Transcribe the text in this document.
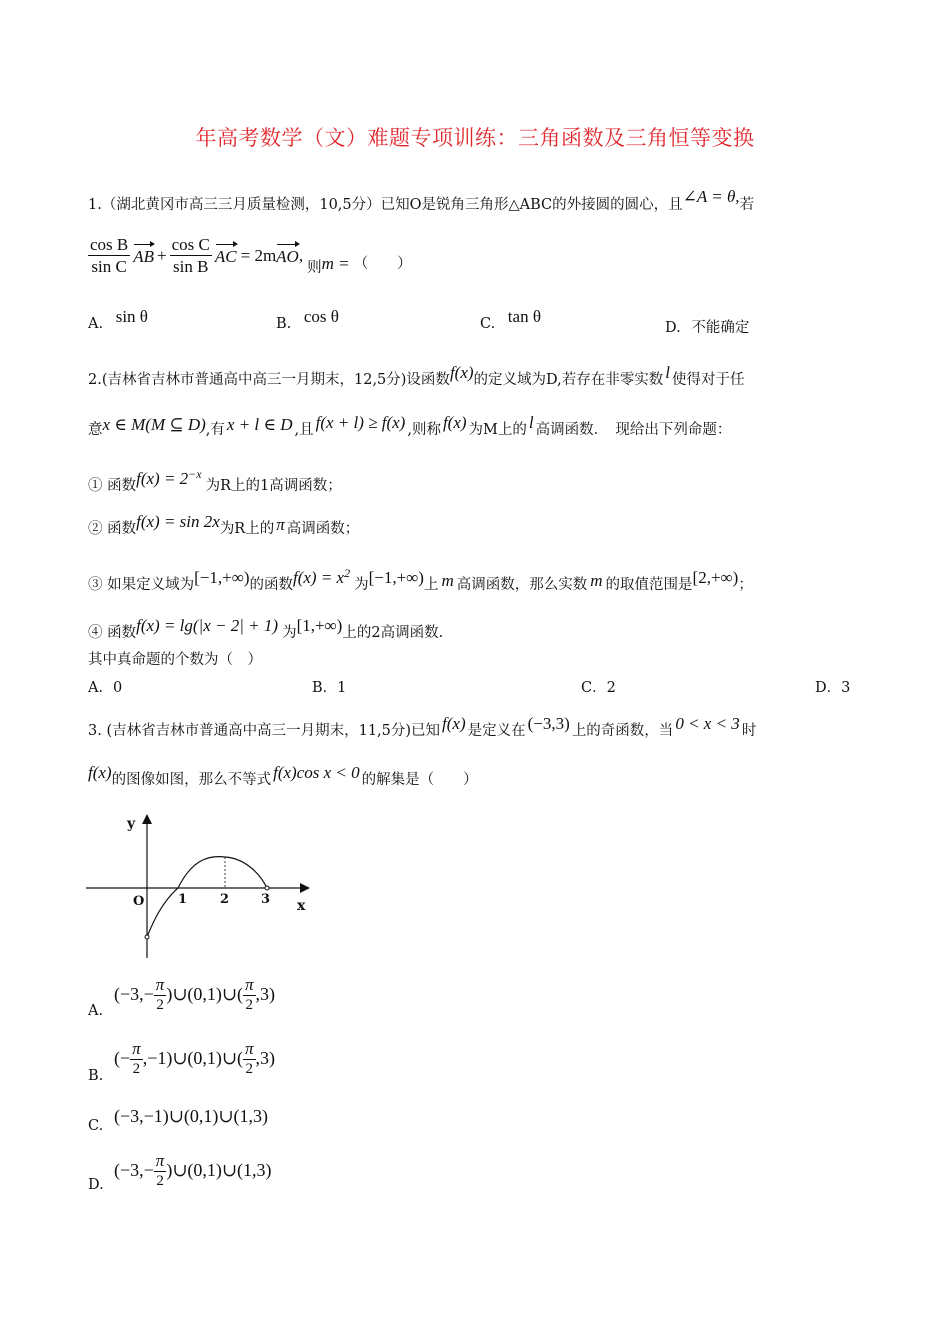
年高考数学（文）难题专项训练：三角函数及三角恒等变换
1.（湖北黄冈市高三三月质量检测，10,5分）已知O是锐角三角形△ABC的外接圆的圆心，且∠A = θ,若
$\frac{\text{cos B}}{\text{sin C}}$ AB + $\frac{\text{cos C}}{\text{sin B}}$ AC = 2m AO ,
则 m = （　　）
A. sin θ	B. cos θ	C. tan θ
D. 不能确定
2.(吉林省吉林市普通高中高三一月期末，12,5分)设函数f(x)的定义域为D,若存在非零实数 l 使得对于任
意x ∈ M(M ⊆ D),有 x + l ∈ D ,且 f(x + l) ≥ f(x) ,则称 f(x) 为M上的 l 高调函数．　现给出下列命题：
① 函数$f(x) = 2^{-x}$为R上的1高调函数；
② 函数f(x) = sin 2x为R上的 π 高调函数；
③ 如果定义域为[−1,+∞)的函数$f(x) = x^2$为[−1,+∞)上 m 高调函数，那么实数 m 的取值范围是[2,+∞)；
④ 函数f(x) = lg(|x − 2| + 1) 为[1,+∞)上的2高调函数.
其中真命题的个数为（　）
A．0	B．1	C．2	D．3
3. (吉林省吉林市普通高中高三一月期末，11,5分)已知 f(x) 是定义在 (−3,3) 上的奇函数，当 0 < x < 3 时
f(x)的图像如图，那么不等式 f(x)cos x < 0 的解集是（　　）
y
x
O	1	2 3
A.
($-3,- \frac{\pi}{2}$ )∪(0,1)∪( $\frac{\pi}{2} ,3$)
B.
(− $\frac{\pi}{2}$ ,−1)∪(0,1)∪( $\frac{\pi}{2} ,3$)
C. (−3,−1)∪(0,1)∪(1,3)
D.
($-3,- \frac{\pi}{2}$ )∪(0,1)∪(1,3)
